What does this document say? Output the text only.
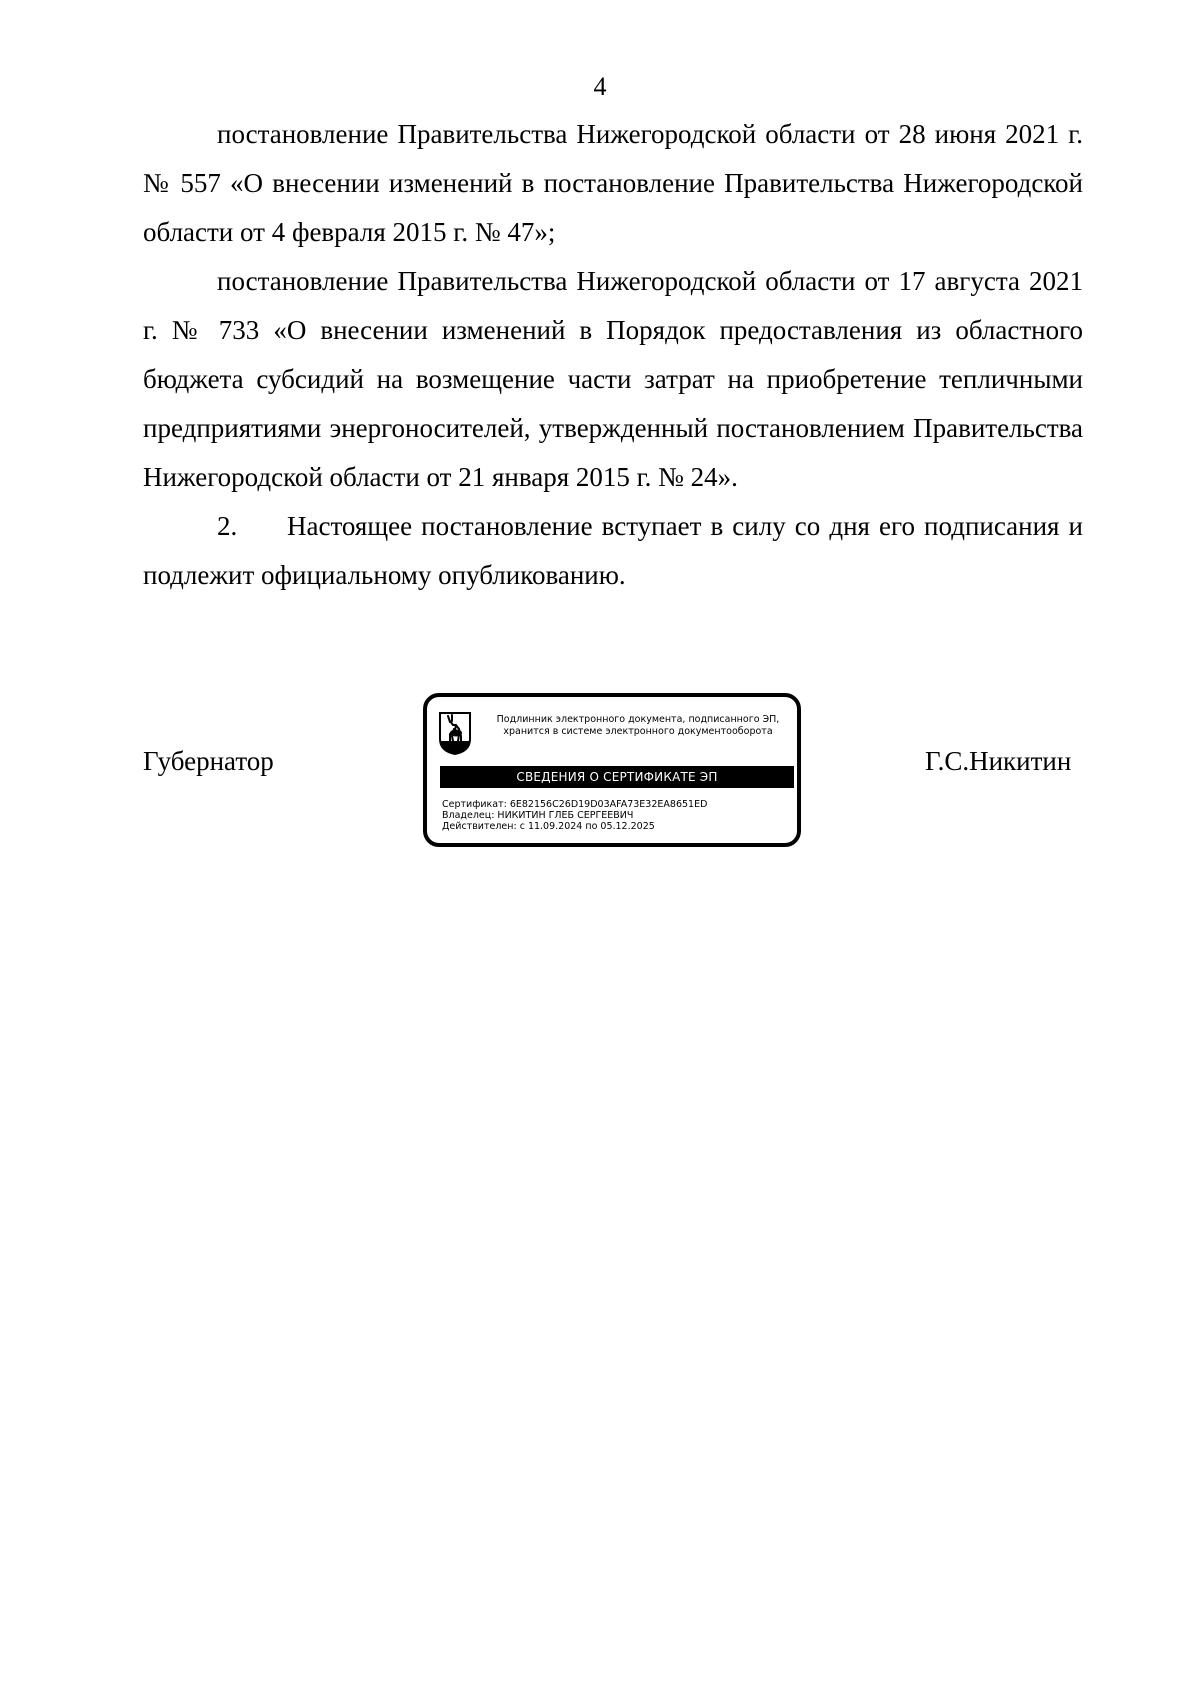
4

постановление Правительства Нижегородской области от 28 июня 2021 г. № 557 «О внесении изменений в постановление Правительства Нижегородской области от 4 февраля 2015 г. № 47»;

постановление Правительства Нижегородской области от 17 августа 2021 г. № 733 «О внесении изменений в Порядок предоставления из областного бюджета субсидий на возмещение части затрат на приобретение тепличными предприятиями энергоносителей, утвержденный постановлением Правительства Нижегородской области от 21 января 2015 г. № 24».

2. Настоящее постановление вступает в силу со дня его подписания и подлежит официальному опубликованию.

Губернатор
Подлинник электронного документа, подписанного ЭП,
хранится в системе электронного документооборота
СВЕДЕНИЯ О СЕРТИФИКАТЕ ЭП
Сертификат: 6E82156C26D19D03AFA73E32EA8651ED
Владелец: НИКИТИН ГЛЕБ СЕРГЕЕВИЧ
Действителен: с 11.09.2024 по 05.12.2025
Г.С.Никитин
